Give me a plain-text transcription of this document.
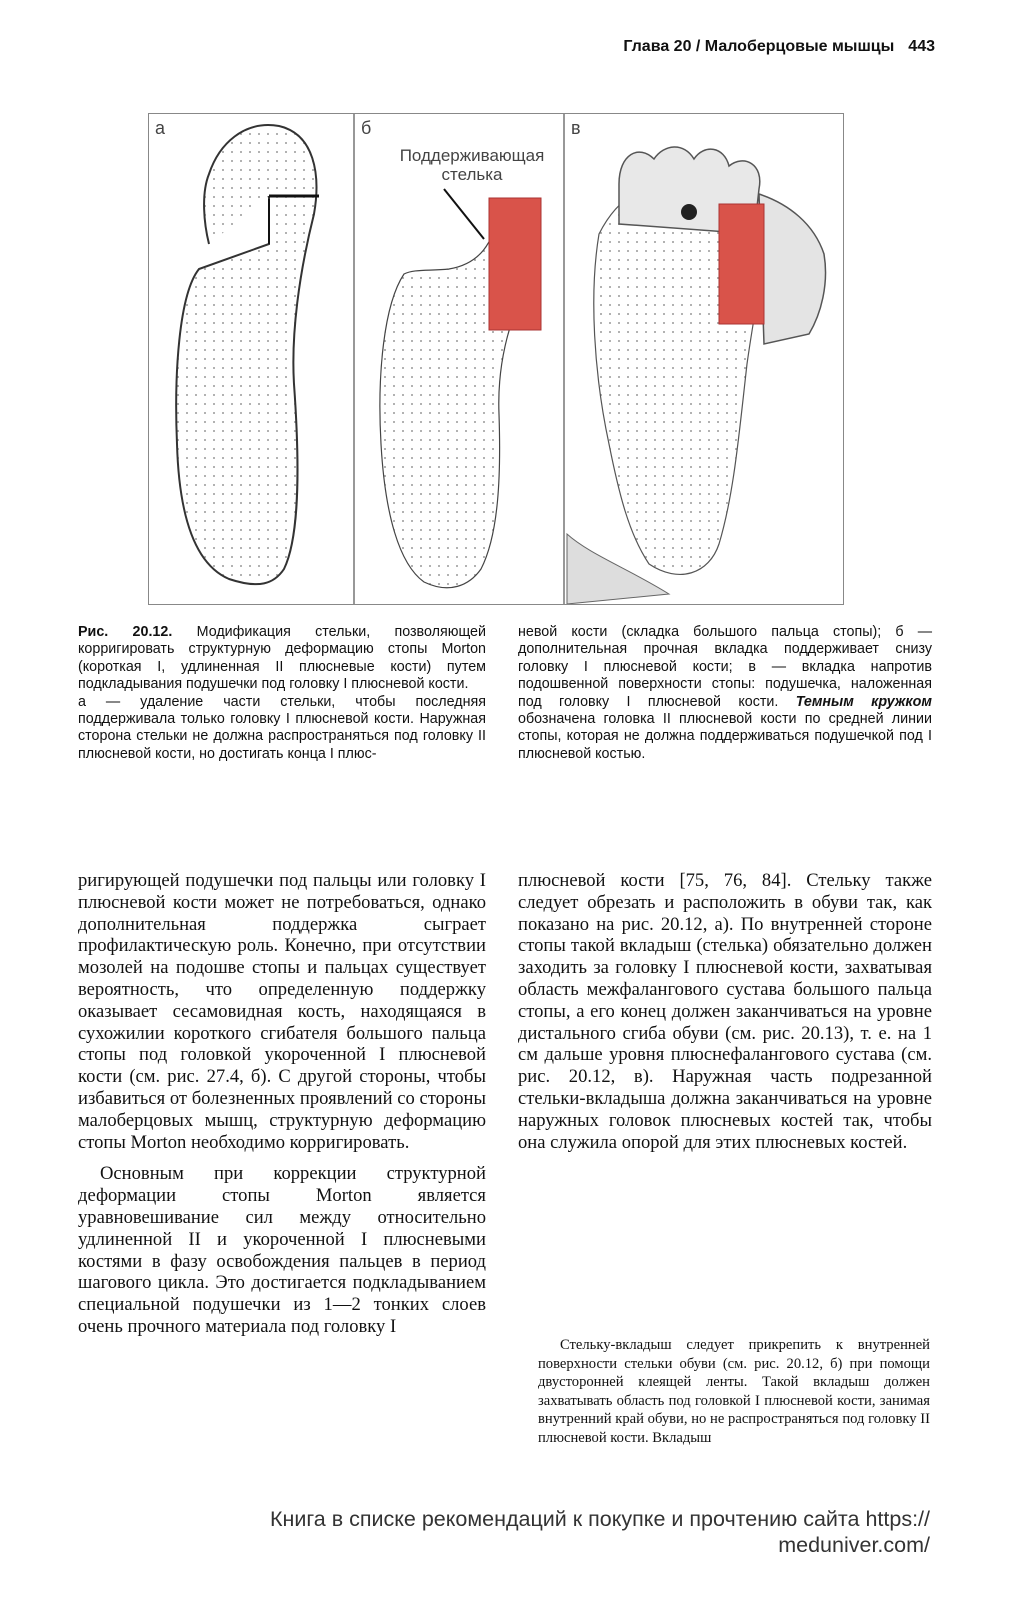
Глава 20 / Малоберцовые мышцы 443
а	б	в
Поддерживающая стелька
Рис. 20.12. Модификация стельки, позволяющей корригировать структурную деформацию стопы Morton (короткая I, удлиненная II плюсневые кости) путем подкладывания подушечки под головку I плюсневой кости.
а — удаление части стельки, чтобы последняя поддерживала только головку I плюсневой кости. Наружная сторона стельки не должна распространяться под головку II плюсневой кости, но достигать конца I плюс-
невой кости (складка большого пальца стопы); б — дополнительная прочная вкладка поддерживает снизу головку I плюсневой кости; в — вкладка напротив подошвенной поверхности стопы: подушечка, наложенная под головку I плюсневой кости. Темным кружком обозначена головка II плюсневой кости по средней линии стопы, которая не должна поддерживаться подушечкой под I плюсневой костью.

ригирующей подушечки под пальцы или головку I плюсневой кости может не потребоваться, однако дополнительная поддержка сыграет профилактическую роль. Конечно, при отсутствии мозолей на подошве стопы и пальцах существует вероятность, что определенную поддержку оказывает сесамовидная кость, находящаяся в сухожилии короткого сгибателя большого пальца стопы под головкой укороченной I плюсневой кости (см. рис. 27.4, б). С другой стороны, чтобы избавиться от болезненных проявлений со стороны малоберцовых мышц, структурную деформацию стопы Morton необходимо корригировать.

Основным при коррекции структурной деформации стопы Morton является уравновешивание сил между относительно удлиненной II и укороченной I плюсневыми костями в фазу освобождения пальцев в период шагового цикла. Это достигается подкладыванием специальной подушечки из 1—2 тонких слоев очень прочного материала под головку I

плюсневой кости [75, 76, 84]. Стельку также следует обрезать и расположить в обуви так, как показано на рис. 20.12, а). По внутренней стороне стопы такой вкладыш (стелька) обязательно должен заходить за головку I плюсневой кости, захватывая область межфалангового сустава большого пальца стопы, а его конец должен заканчиваться на уровне дистального сгиба обуви (см. рис. 20.13), т. е. на 1 см дальше уровня плюснефалангового сустава (см. рис. 20.12, в). Наружная часть подрезанной стельки-вкладыша должна заканчиваться на уровне наружных головок плюсневых костей так, чтобы она служила опорой для этих плюсневых костей.

Стельку-вкладыш следует прикрепить к внутренней поверхности стельки обуви (см. рис. 20.12, б) при помощи двусторонней клеящей ленты. Такой вкладыш должен захватывать область под головкой I плюсневой кости, занимая внутренний край обуви, но не распространяться под головку II плюсневой кости. Вкладыш
Книга в списке рекомендаций к покупке и прочтению сайта https:// meduniver.com/
